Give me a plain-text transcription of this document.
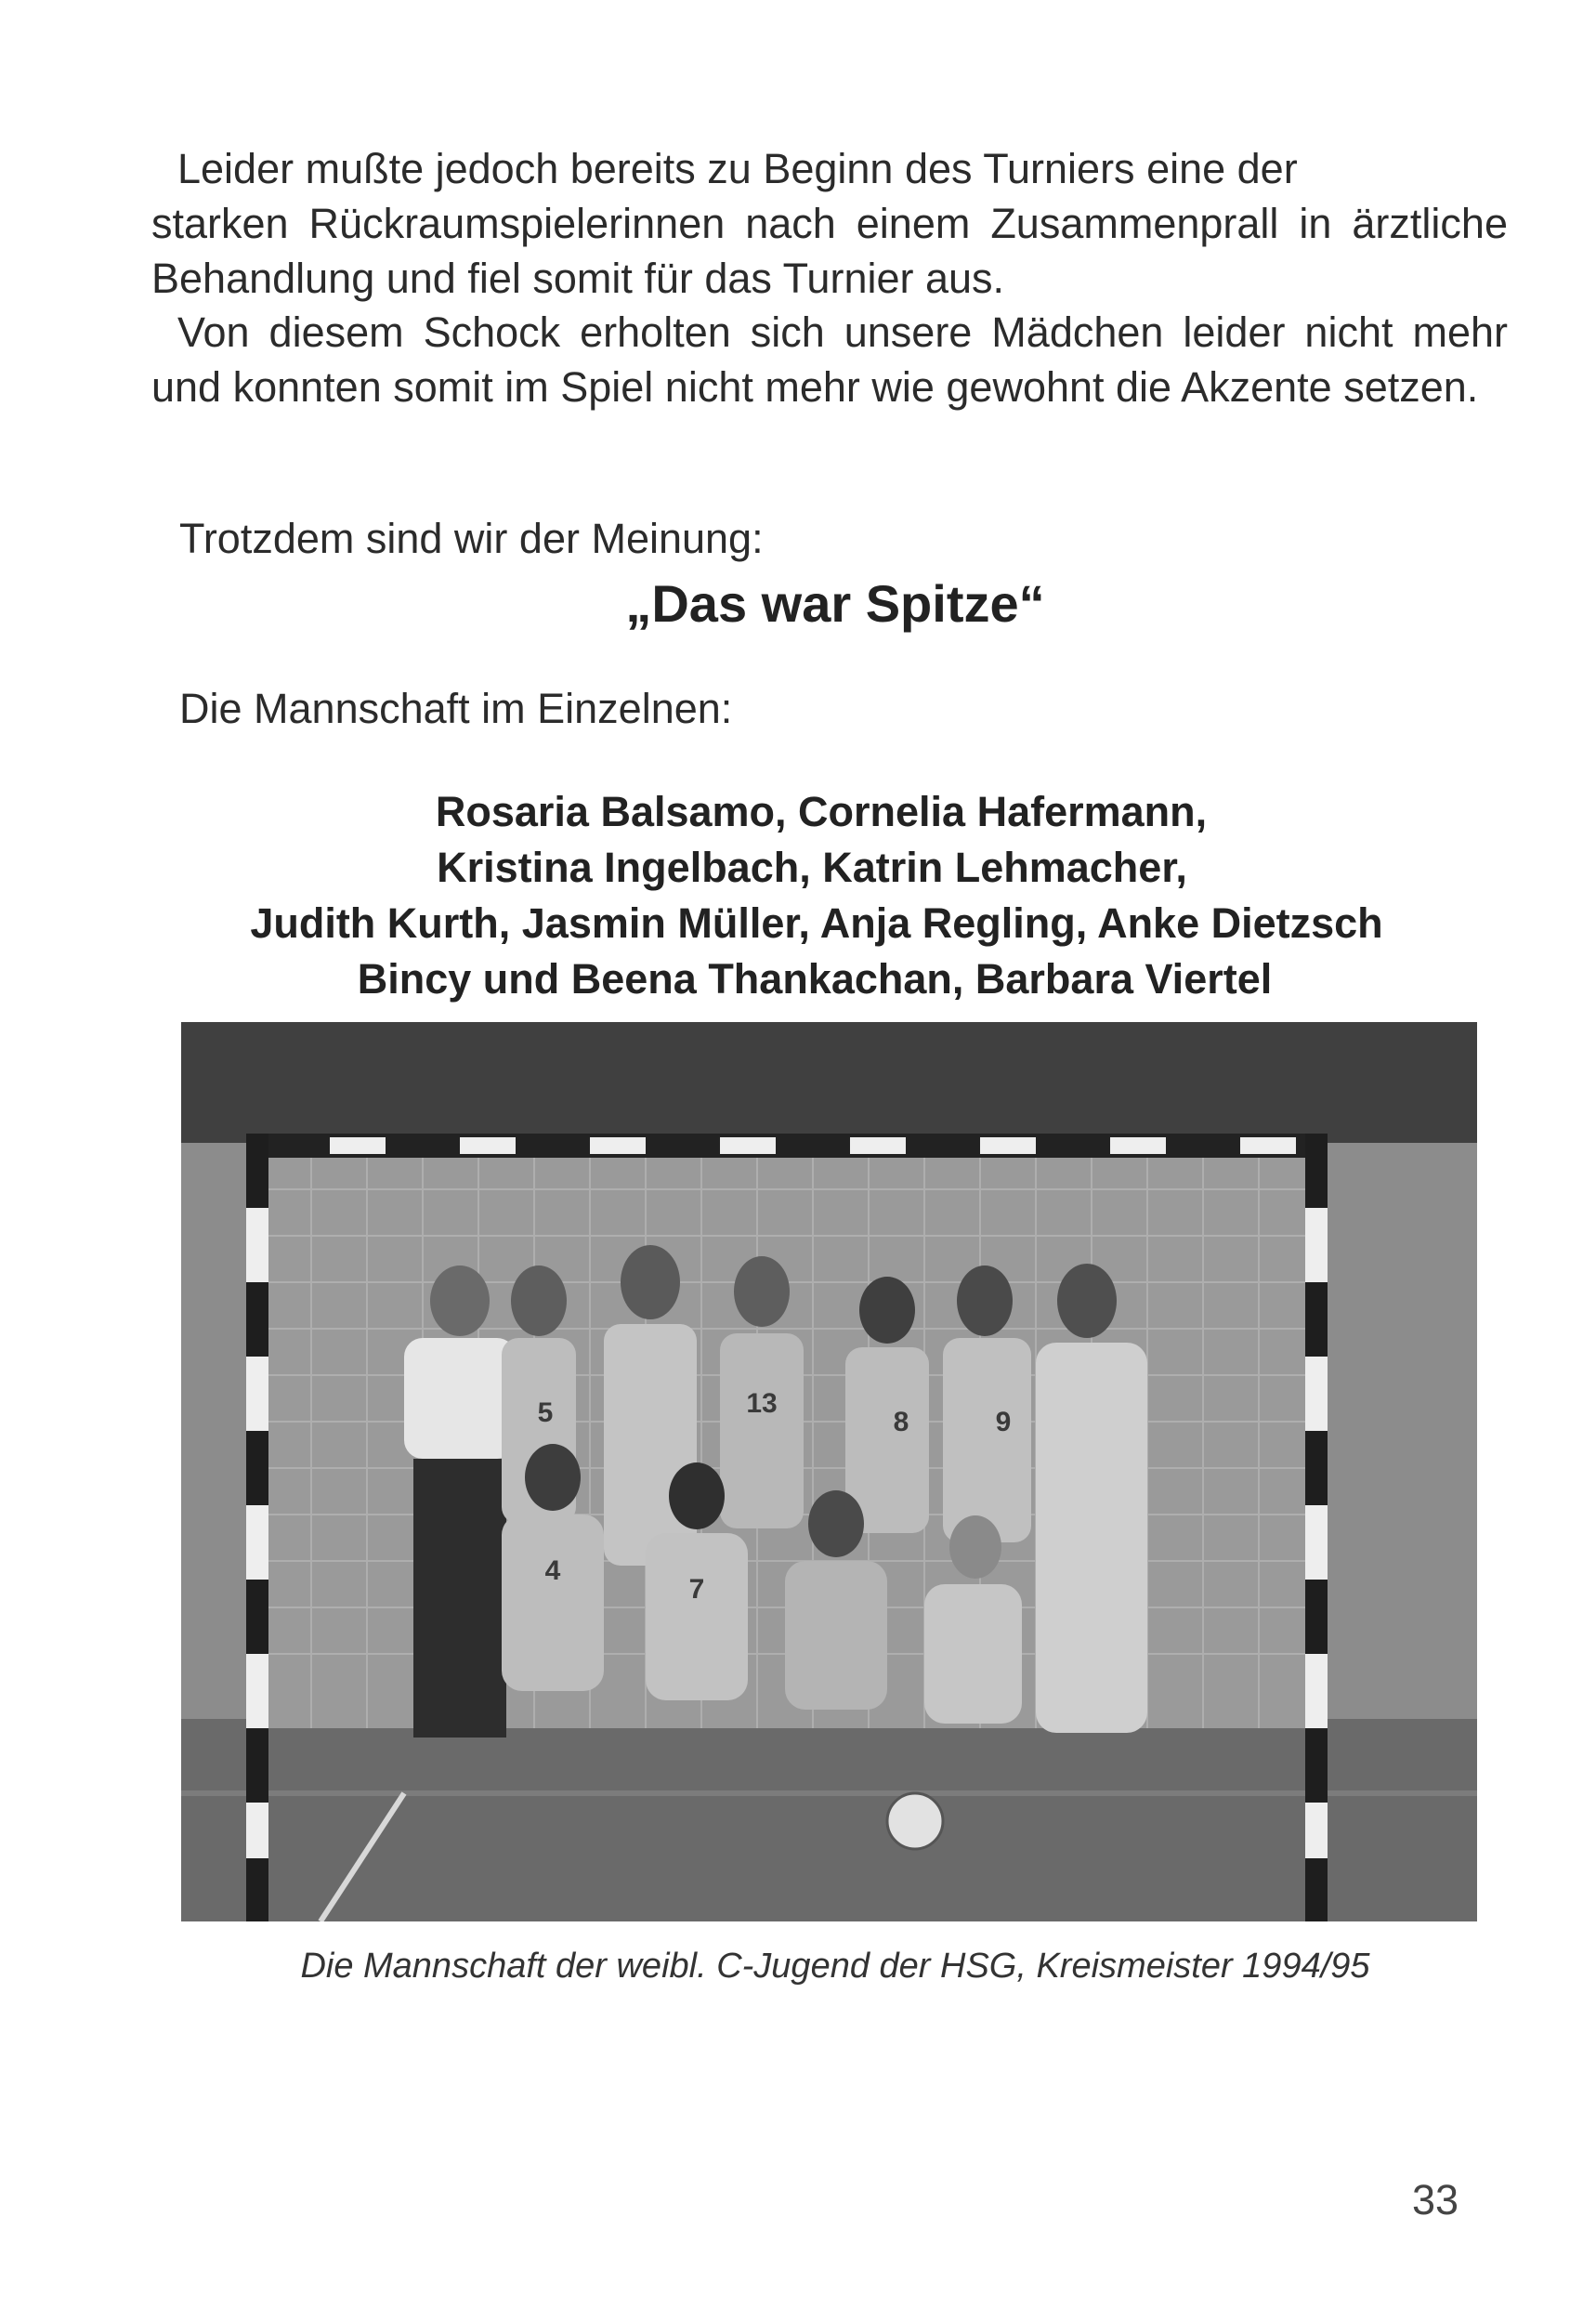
Leider mußte jedoch bereits zu Beginn des Turniers eine der
starken Rückraumspielerinnen nach einem Zusammenprall in ärztliche Behandlung und fiel somit für das Turnier aus.

Von diesem Schock erholten sich unsere Mädchen leider nicht mehr und konnten somit im Spiel nicht mehr wie gewohnt die Akzente setzen.

Trotzdem sind wir der Meinung:

„Das war Spitze“

Die Mannschaft im Einzelnen:

Rosaria Balsamo, Cornelia Hafermann,
Kristina Ingelbach, Katrin Lehmacher,
Judith Kurth, Jasmin Müller, Anja Regling, Anke Dietzsch
Bincy und Beena Thankachan, Barbara Viertel
5	13
8	9
4
7
Die Mannschaft der weibl. C-Jugend der HSG, Kreismeister 1994/95
33
